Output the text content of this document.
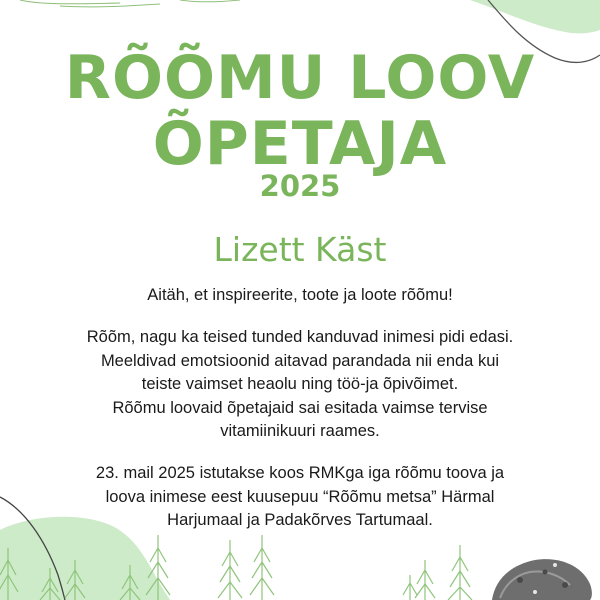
RÕÕMU LOOV
ÕPETAJA
2025
Lizett Käst
Aitäh, et inspireerite, toote ja loote rõõmu!
Rõõm, nagu ka teised tunded kanduvad inimesi pidi edasi.
Meeldivad emotsioonid aitavad parandada nii enda kui
teiste vaimset heaolu ning töö-ja õpivõimet.
Rõõmu loovaid õpetajaid sai esitada vaimse tervise
vitamiinikuuri raames.
23. mail 2025 istutakse koos RMKga iga rõõmu toova ja
loova inimese eest kuusepuu “Rõõmu metsa” Härmal
Harjumaal ja Padakõrves Tartumaal.
